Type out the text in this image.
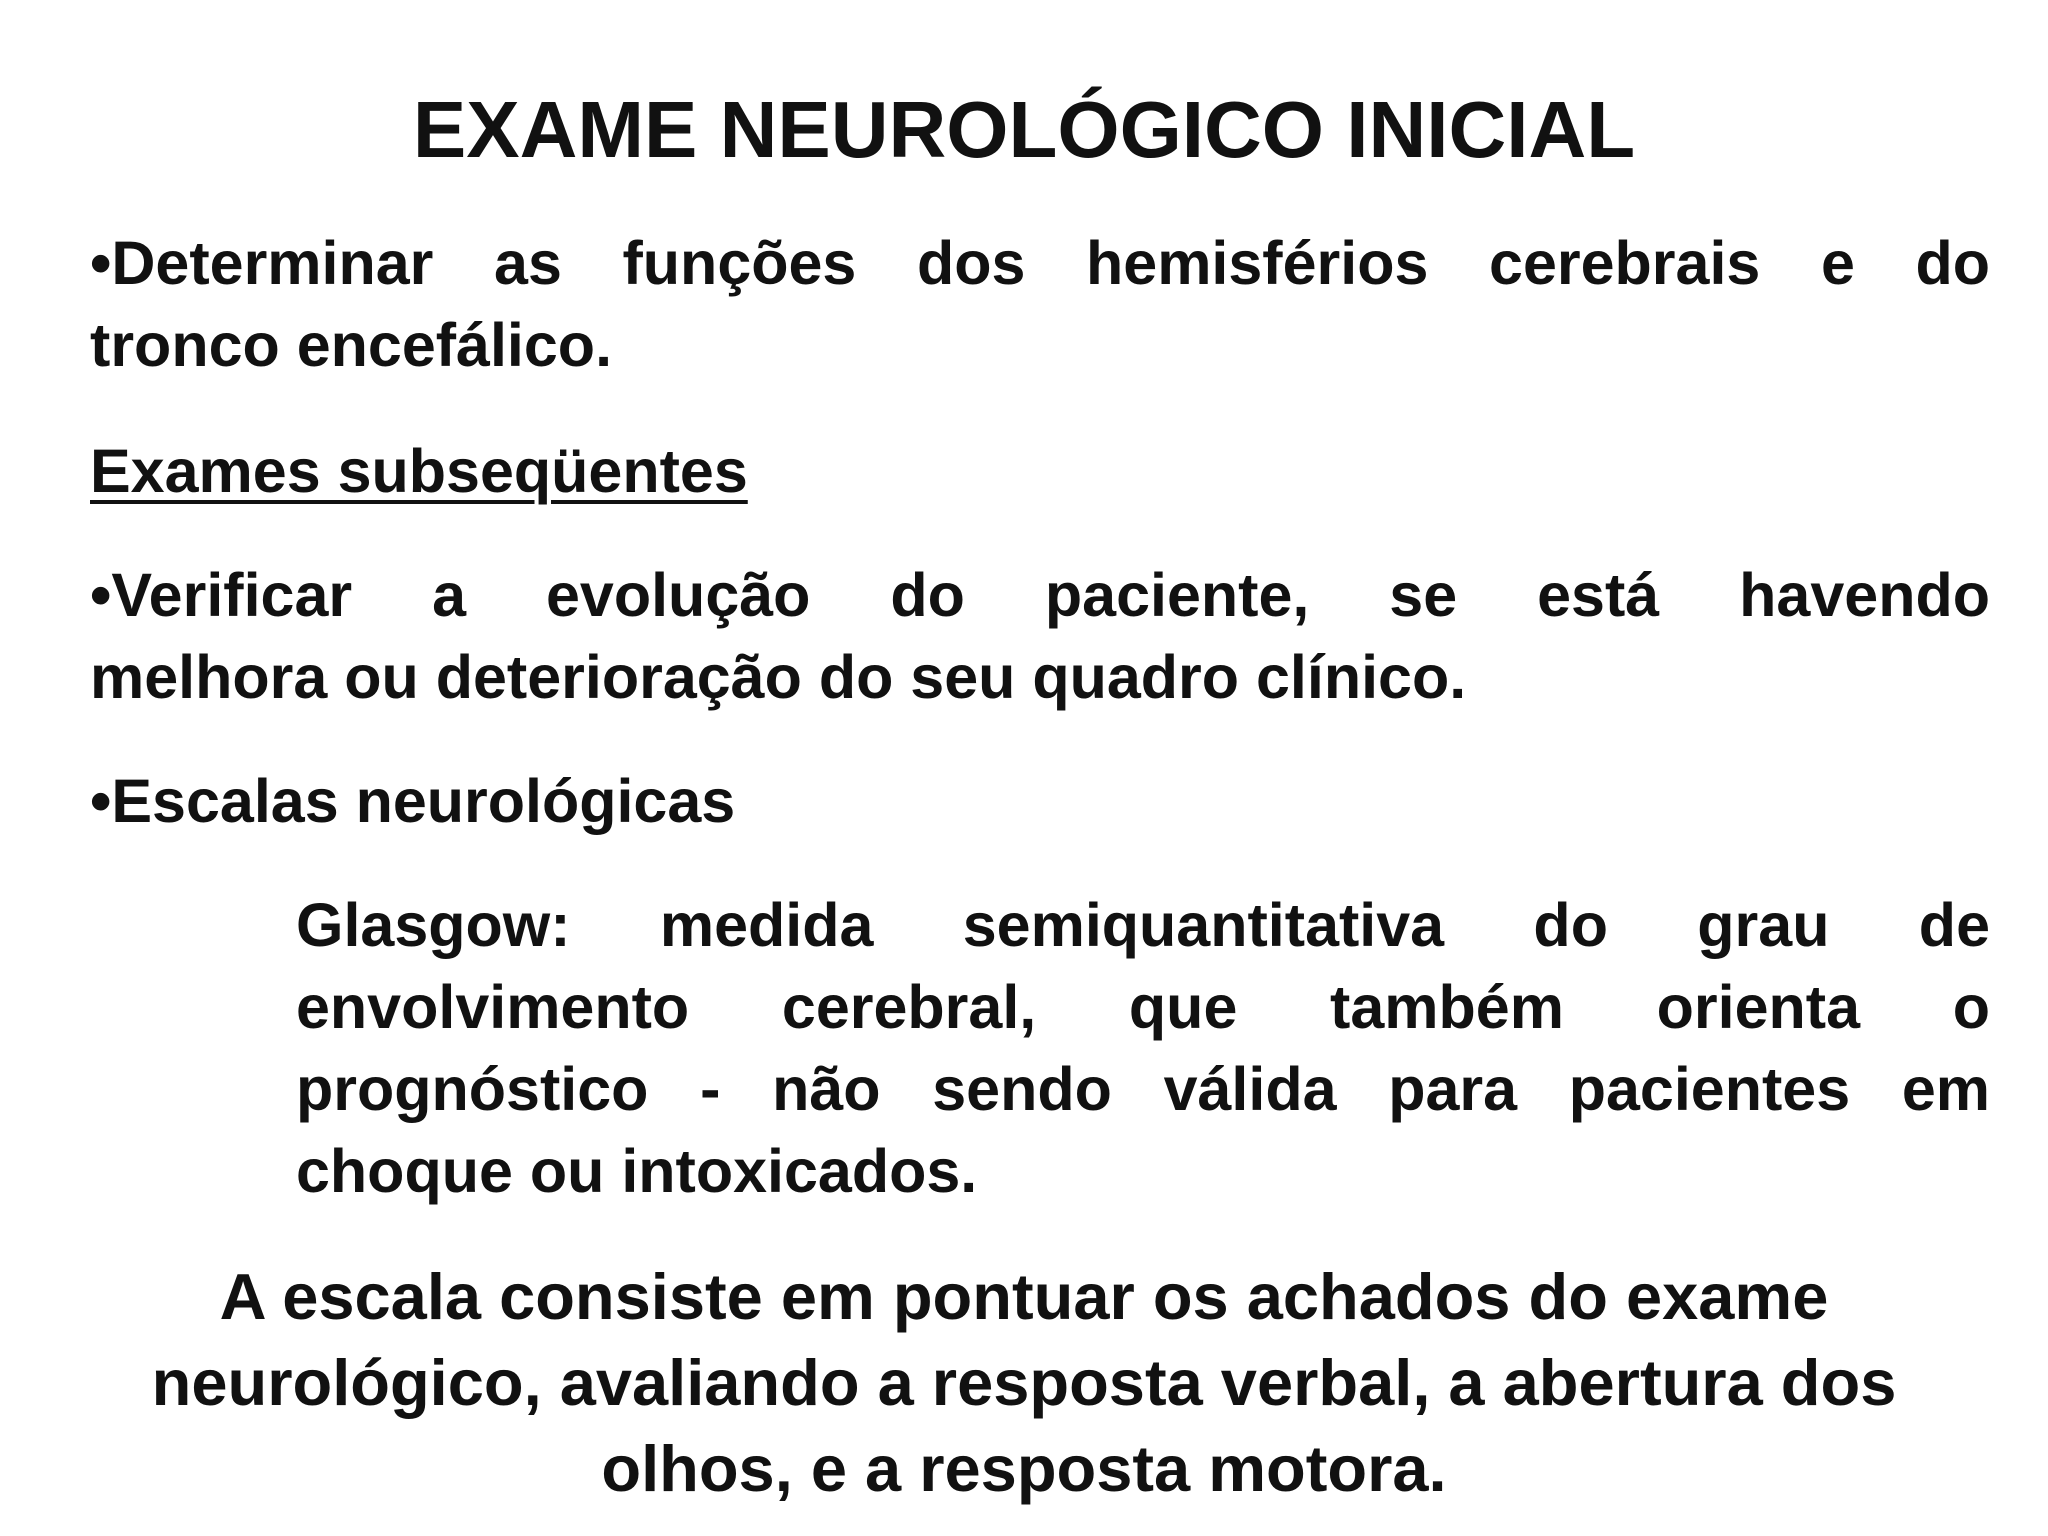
EXAME NEUROLÓGICO INICIAL
•Determinar as funções dos hemisférios cerebrais e do
tronco encefálico.
Exames subseqüentes
•Verificar a evolução do paciente, se está havendo
melhora ou deterioração do seu quadro clínico.
•Escalas neurológicas
Glasgow: medida semiquantitativa do grau de
envolvimento cerebral, que também orienta o
prognóstico - não sendo válida para pacientes em
choque ou intoxicados.
A escala consiste em pontuar os achados do exame
neurológico, avaliando a resposta verbal, a abertura dos
olhos, e a resposta motora.
